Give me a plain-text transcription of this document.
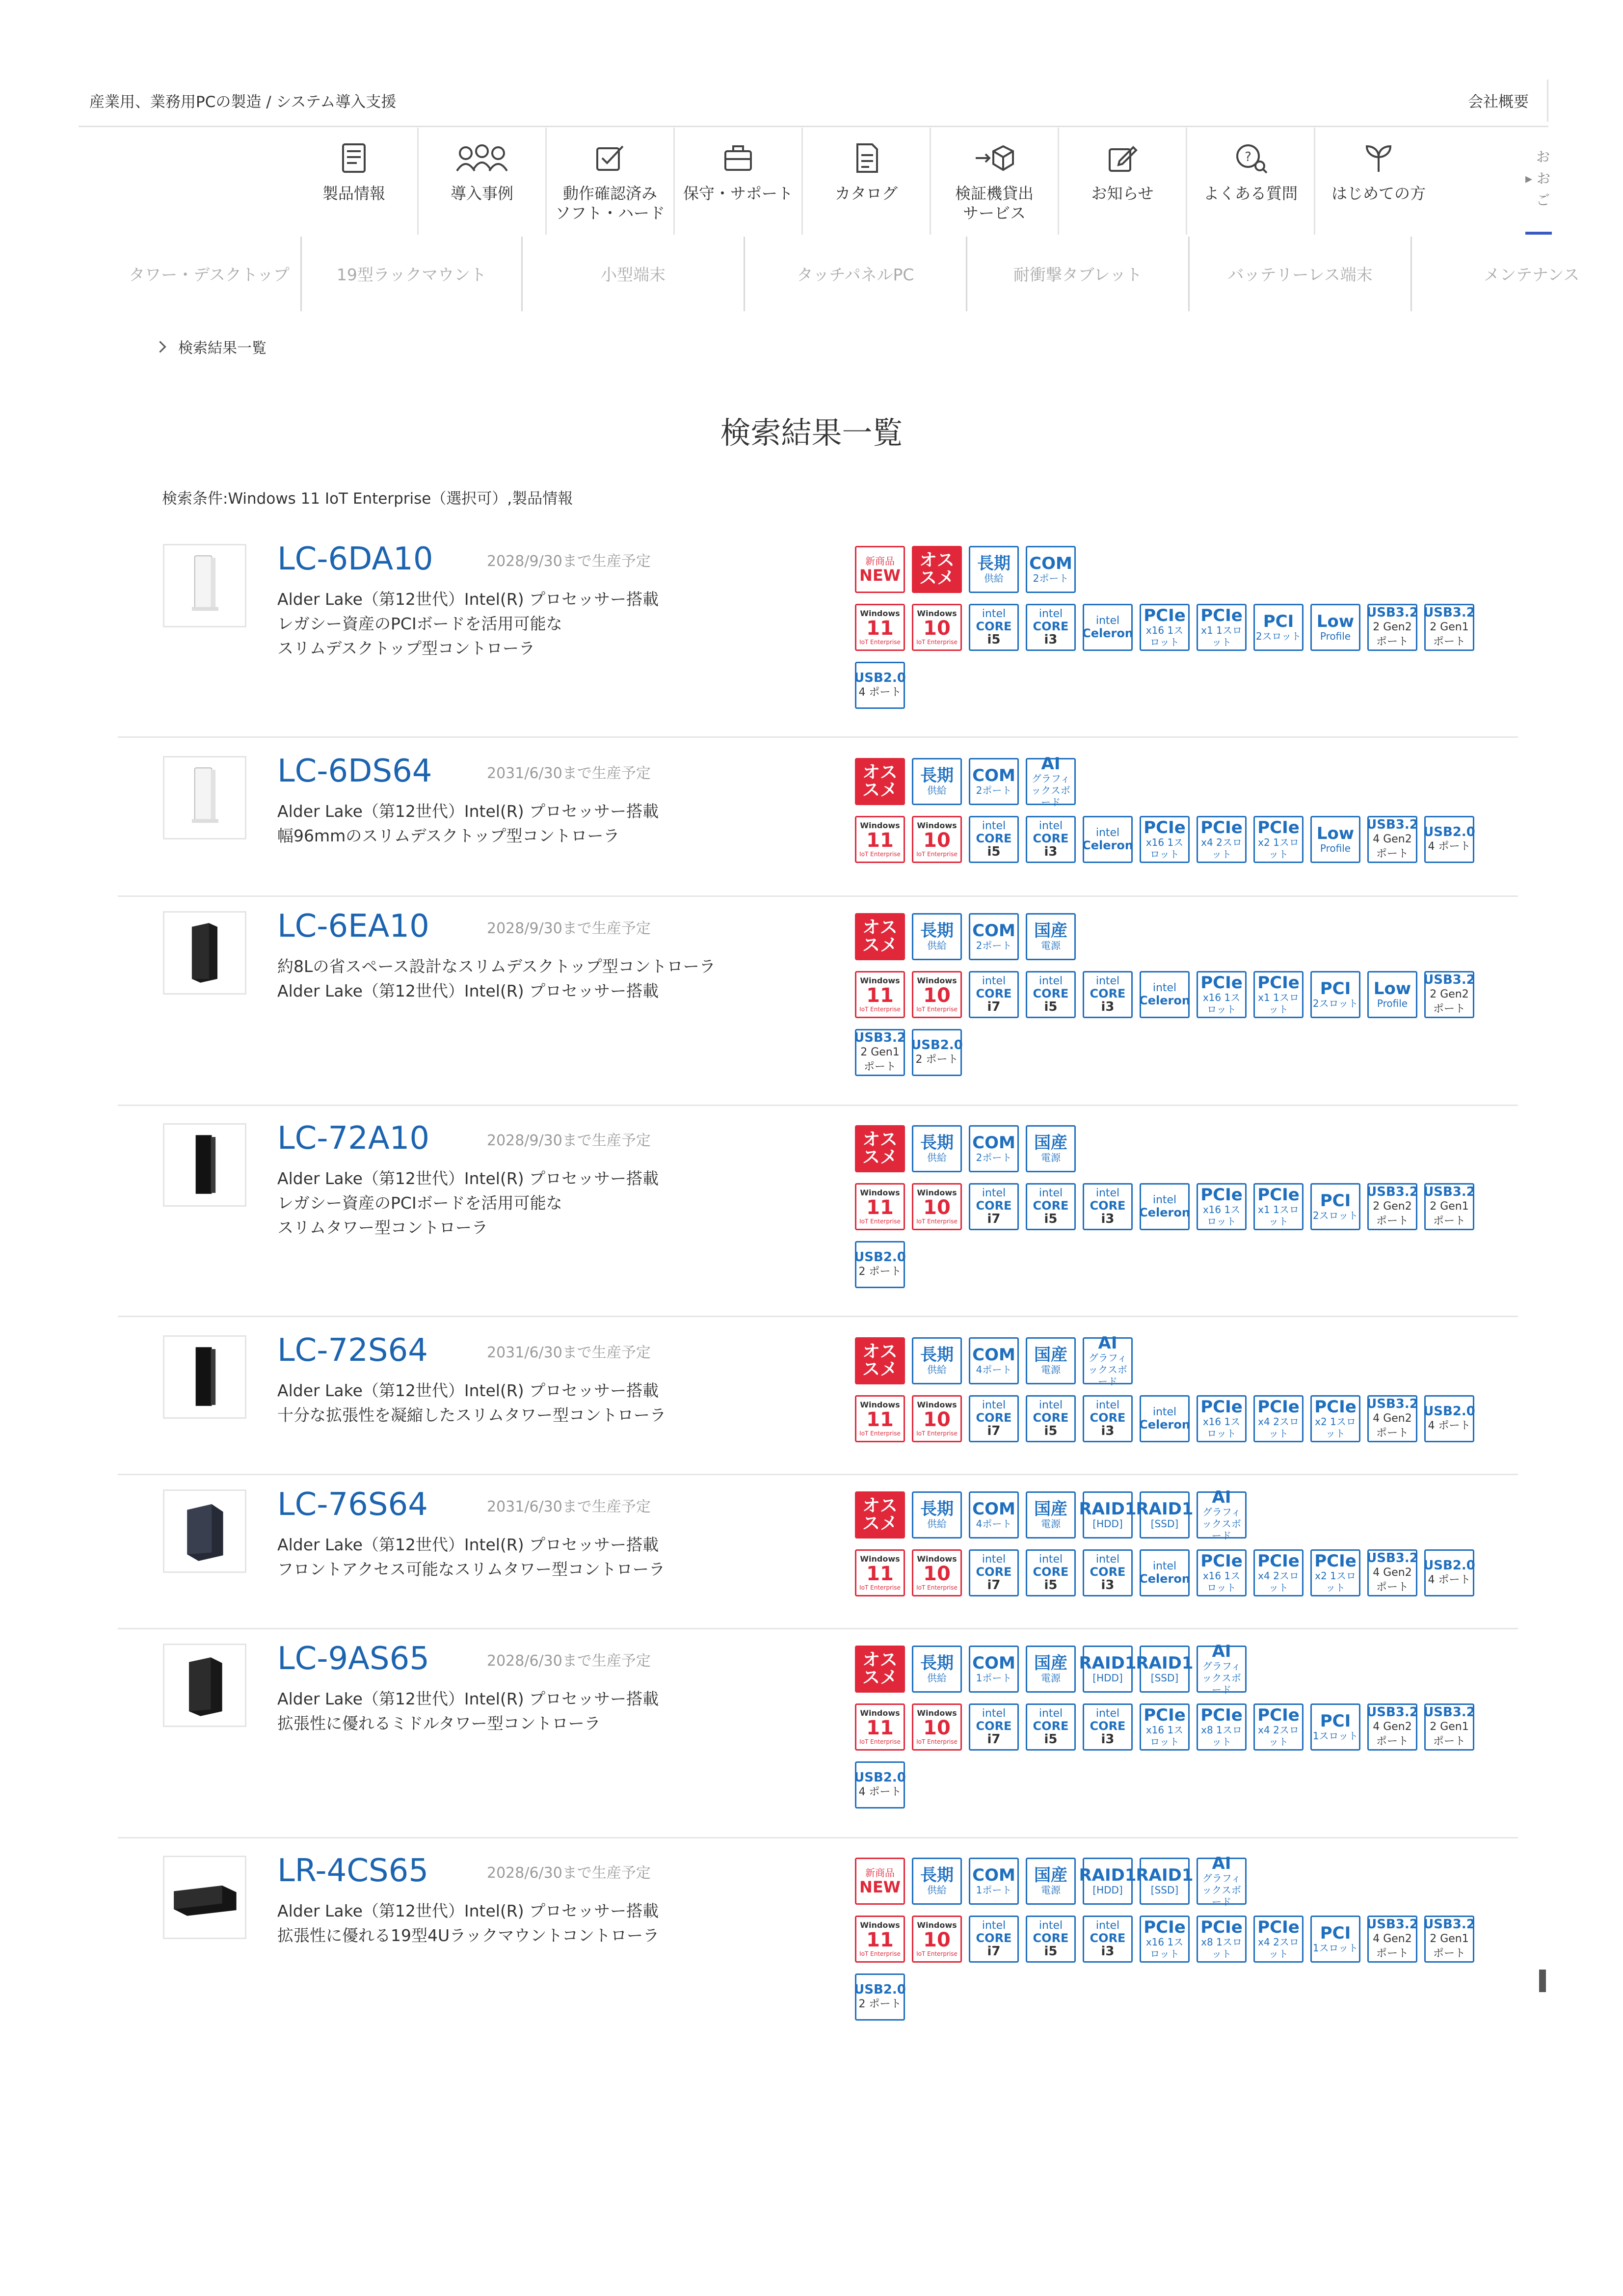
産業用、業務用PCの製造 / システム導入支援	会社概要
製品情報	導入事例	動作確認済み
ソフト・ハード
保守・サポート	カタログ	検証機貸出
サービス
お知らせ
?
よくある質問	はじめての方
お
▸ お
ご
タワー・デスクトップ	19型ラックマウント	小型端末	タッチパネルPC	耐衝撃タブレット	バッテリーレス端末	メンテナンス
検索結果一覧
検索結果一覧
検索条件:Windows 11 IoT Enterprise（選択可）,製品情報
LC-6DA10	2028/9/30まで生産予定
Alder Lake（第12世代）Intel(R) プロセッサー搭載
レガシー資産のPCIボードを活用可能な
スリムデスクトップ型コントローラ
新商品
NEW
オス
スメ
長期
供給
COM
2ポート
Windows
11
IoT Enterprise
Windows
10
IoT Enterprise
intel
CORE
i5
intel
CORE
i3
intel
Celeron
PCIe
x16 1スロット
PCIe
x1 1スロット
PCI
2スロット
Low
Profile
USB3.2
2 Gen2 ポート
USB3.2
2 Gen1 ポート
USB2.0
4 ポート
LC-6DS64	2031/6/30まで生産予定
Alder Lake（第12世代）Intel(R) プロセッサー搭載
幅96mmのスリムデスクトップ型コントローラ
オス
スメ
長期
供給
COM
2ポート
AI
グラフィックスボード
Windows
11
IoT Enterprise
Windows
10
IoT Enterprise
intel
CORE
i5
intel
CORE
i3
intel
Celeron
PCIe
x16 1スロット
PCIe
x4 2スロット
PCIe
x2 1スロット
Low
Profile
USB3.2
4 Gen2 ポート
USB2.0
4 ポート
LC-6EA10	2028/9/30まで生産予定
約8Lの省スペース設計なスリムデスクトップ型コントローラ
Alder Lake（第12世代）Intel(R) プロセッサー搭載
オス
スメ
長期
供給
COM
2ポート
国産
電源
Windows
11
IoT Enterprise
Windows
10
IoT Enterprise
intel
CORE
i7
intel
CORE
i5
intel
CORE
i3
intel
Celeron
PCIe
x16 1スロット
PCIe
x1 1スロット
PCI
2スロット
Low
Profile
USB3.2
2 Gen2 ポート
USB3.2
2 Gen1 ポート
USB2.0
2 ポート
LC-72A10	2028/9/30まで生産予定
Alder Lake（第12世代）Intel(R) プロセッサー搭載
レガシー資産のPCIボードを活用可能な
スリムタワー型コントローラ
オス
スメ
長期
供給
COM
2ポート
国産
電源
Windows
11
IoT Enterprise
Windows
10
IoT Enterprise
intel
CORE
i7
intel
CORE
i5
intel
CORE
i3
intel
Celeron
PCIe
x16 1スロット
PCIe
x1 1スロット
PCI
2スロット
USB3.2
2 Gen2 ポート
USB3.2
2 Gen1 ポート
USB2.0
2 ポート
LC-72S64	2031/6/30まで生産予定
Alder Lake（第12世代）Intel(R) プロセッサー搭載
十分な拡張性を凝縮したスリムタワー型コントローラ
オス
スメ
長期
供給
COM
4ポート
国産
電源
AI
グラフィックスボード
Windows
11
IoT Enterprise
Windows
10
IoT Enterprise
intel
CORE
i7
intel
CORE
i5
intel
CORE
i3
intel
Celeron
PCIe
x16 1スロット
PCIe
x4 2スロット
PCIe
x2 1スロット
USB3.2
4 Gen2 ポート
USB2.0
4 ポート
LC-76S64	2031/6/30まで生産予定
Alder Lake（第12世代）Intel(R) プロセッサー搭載
フロントアクセス可能なスリムタワー型コントローラ
オス
スメ
長期
供給
COM
4ポート
国産
電源
RAID1
[HDD]
RAID1
[SSD]
AI
グラフィックスボード
Windows
11
IoT Enterprise
Windows
10
IoT Enterprise
intel
CORE
i7
intel
CORE
i5
intel
CORE
i3
intel
Celeron
PCIe
x16 1スロット
PCIe
x4 2スロット
PCIe
x2 1スロット
USB3.2
4 Gen2 ポート
USB2.0
4 ポート
LC-9AS65	2028/6/30まで生産予定
Alder Lake（第12世代）Intel(R) プロセッサー搭載
拡張性に優れるミドルタワー型コントローラ
オス
スメ
長期
供給
COM
1ポート
国産
電源
RAID1
[HDD]
RAID1
[SSD]
AI
グラフィックスボード
Windows
11
IoT Enterprise
Windows
10
IoT Enterprise
intel
CORE
i7
intel
CORE
i5
intel
CORE
i3
PCIe
x16 1スロット
PCIe
x8 1スロット
PCIe
x4 2スロット
PCI
1スロット
USB3.2
4 Gen2 ポート
USB3.2
2 Gen1 ポート
USB2.0
4 ポート
LR-4CS65	2028/6/30まで生産予定
Alder Lake（第12世代）Intel(R) プロセッサー搭載
拡張性に優れる19型4Uラックマウントコントローラ
新商品
NEW
長期
供給
COM
1ポート
国産
電源
RAID1
[HDD]
RAID1
[SSD]
AI
グラフィックスボード
Windows
11
IoT Enterprise
Windows
10
IoT Enterprise
intel
CORE
i7
intel
CORE
i5
intel
CORE
i3
PCIe
x16 1スロット
PCIe
x8 1スロット
PCIe
x4 2スロット
PCI
1スロット
USB3.2
4 Gen2 ポート
USB3.2
2 Gen1 ポート
USB2.0
2 ポート
